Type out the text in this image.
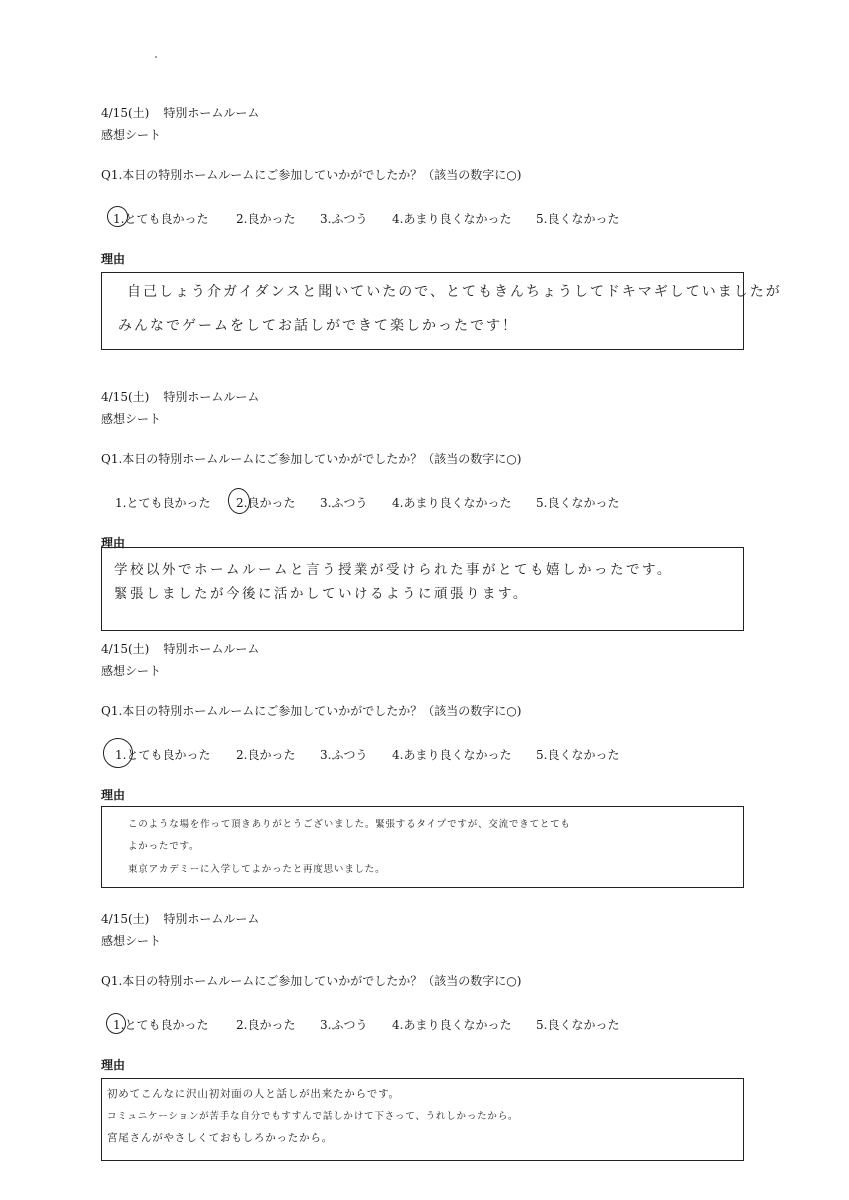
4/15(土) 特別ホームルーム
感想シート
Q1.本日の特別ホームルームにご参加していかがでしたか？（該当の数字に○)
1.とても良かった 2.良かった 3.ふつう 4.あまり良くなかった 5.良くなかった
理由
自己しょう介ガイダンスと聞いていたので、とてもきんちょうしてドキマギしていましたが
みんなでゲームをしてお話しができて楽しかったです！
4/15(土) 特別ホームルーム
感想シート
Q1.本日の特別ホームルームにご参加していかがでしたか？（該当の数字に○)
1.とても良かった 2.良かった 3.ふつう 4.あまり良くなかった 5.良くなかった
理由
学校以外でホームルームと言う授業が受けられた事がとても嬉しかったです。
緊張しましたが今後に活かしていけるように頑張ります。
4/15(土) 特別ホームルーム
感想シート
Q1.本日の特別ホームルームにご参加していかがでしたか？（該当の数字に○)
1.とても良かった 2.良かった 3.ふつう 4.あまり良くなかった 5.良くなかった
理由
このような場を作って頂きありがとうございました。緊張するタイプですが、交流できてとても
よかったです。
東京アカデミーに入学してよかったと再度思いました。
4/15(土) 特別ホームルーム
感想シート
Q1.本日の特別ホームルームにご参加していかがでしたか？（該当の数字に○)
1.とても良かった 2.良かった 3.ふつう 4.あまり良くなかった 5.良くなかった
理由
初めてこんなに沢山初対面の人と話しが出来たからです。
コミュニケーションが苦手な自分でもすすんで話しかけて下さって、うれしかったから。
宮尾さんがやさしくておもしろかったから。
